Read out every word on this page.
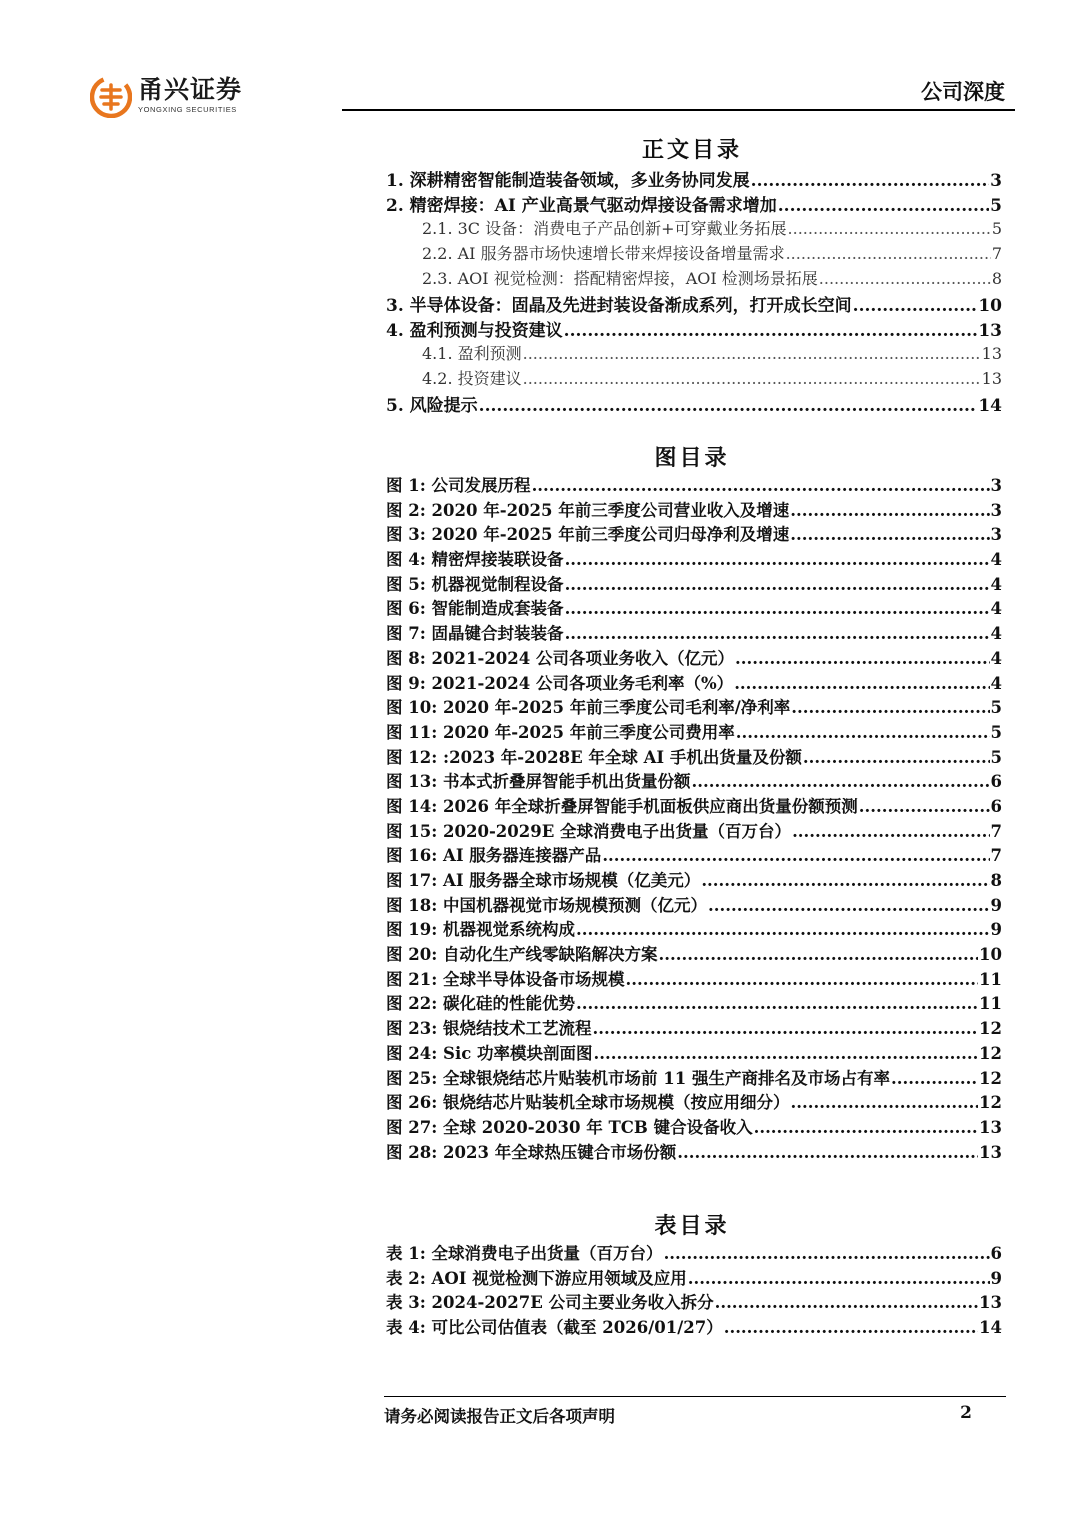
甬兴证券
YONGXING SECURITIES
公司深度
正文目录
1. 深耕精密智能制造装备领域，多业务协同发展 .....	3
2. 精密焊接：AI 产业高景气驱动焊接设备需求增加 .....	5
2.1. 3C 设备：消费电子产品创新+可穿戴业务拓展 .....	5
2.2. AI 服务器市场快速增长带来焊接设备增量需求 .....	7
2.3. AOI 视觉检测：搭配精密焊接，AOI 检测场景拓展 .....	8
3. 半导体设备：固晶及先进封装设备渐成系列，打开成长空间 .....	10
4. 盈利预测与投资建议 .....	13
4.1. 盈利预测 .....	13
4.2. 投资建议 .....	13
5. 风险提示 .....	14
图目录
图 1: 公司发展历程 .....	3
图 2: 2020 年-2025 年前三季度公司营业收入及增速 .....	3
图 3: 2020 年-2025 年前三季度公司归母净利及增速 .....	3
图 4: 精密焊接装联设备 .....	4
图 5: 机器视觉制程设备 .....	4
图 6: 智能制造成套装备 .....	4
图 7: 固晶键合封装装备 .....	4
图 8: 2021-2024 公司各项业务收入（亿元） .....	4
图 9: 2021-2024 公司各项业务毛利率（%） .....	4
图 10: 2020 年-2025 年前三季度公司毛利率/净利率 .....	5
图 11: 2020 年-2025 年前三季度公司费用率 .....	5
图 12: :2023 年-2028E 年全球 AI 手机出货量及份额 .....	5
图 13: 书本式折叠屏智能手机出货量份额 .....	6
图 14: 2026 年全球折叠屏智能手机面板供应商出货量份额预测 .....	6
图 15: 2020-2029E 全球消费电子出货量（百万台） .....	7
图 16: AI 服务器连接器产品 .....	7
图 17: AI 服务器全球市场规模（亿美元） .....	8
图 18: 中国机器视觉市场规模预测（亿元） .....	9
图 19: 机器视觉系统构成 .....	9
图 20: 自动化生产线零缺陷解决方案 .....	10
图 21: 全球半导体设备市场规模 .....	11
图 22: 碳化硅的性能优势 .....	11
图 23: 银烧结技术工艺流程 .....	12
图 24: Sic 功率模块剖面图 .....	12
图 25: 全球银烧结芯片贴装机市场前 11 强生产商排名及市场占有率 .....	12
图 26: 银烧结芯片贴装机全球市场规模（按应用细分） .....	12
图 27: 全球 2020-2030 年 TCB 键合设备收入 .....	13
图 28: 2023 年全球热压键合市场份额 .....	13
表目录
表 1: 全球消费电子出货量（百万台） .....	6
表 2: AOI 视觉检测下游应用领域及应用 .....	9
表 3: 2024-2027E 公司主要业务收入拆分 .....	13
表 4: 可比公司估值表（截至 2026/01/27） .....	14
请务必阅读报告正文后各项声明	2
